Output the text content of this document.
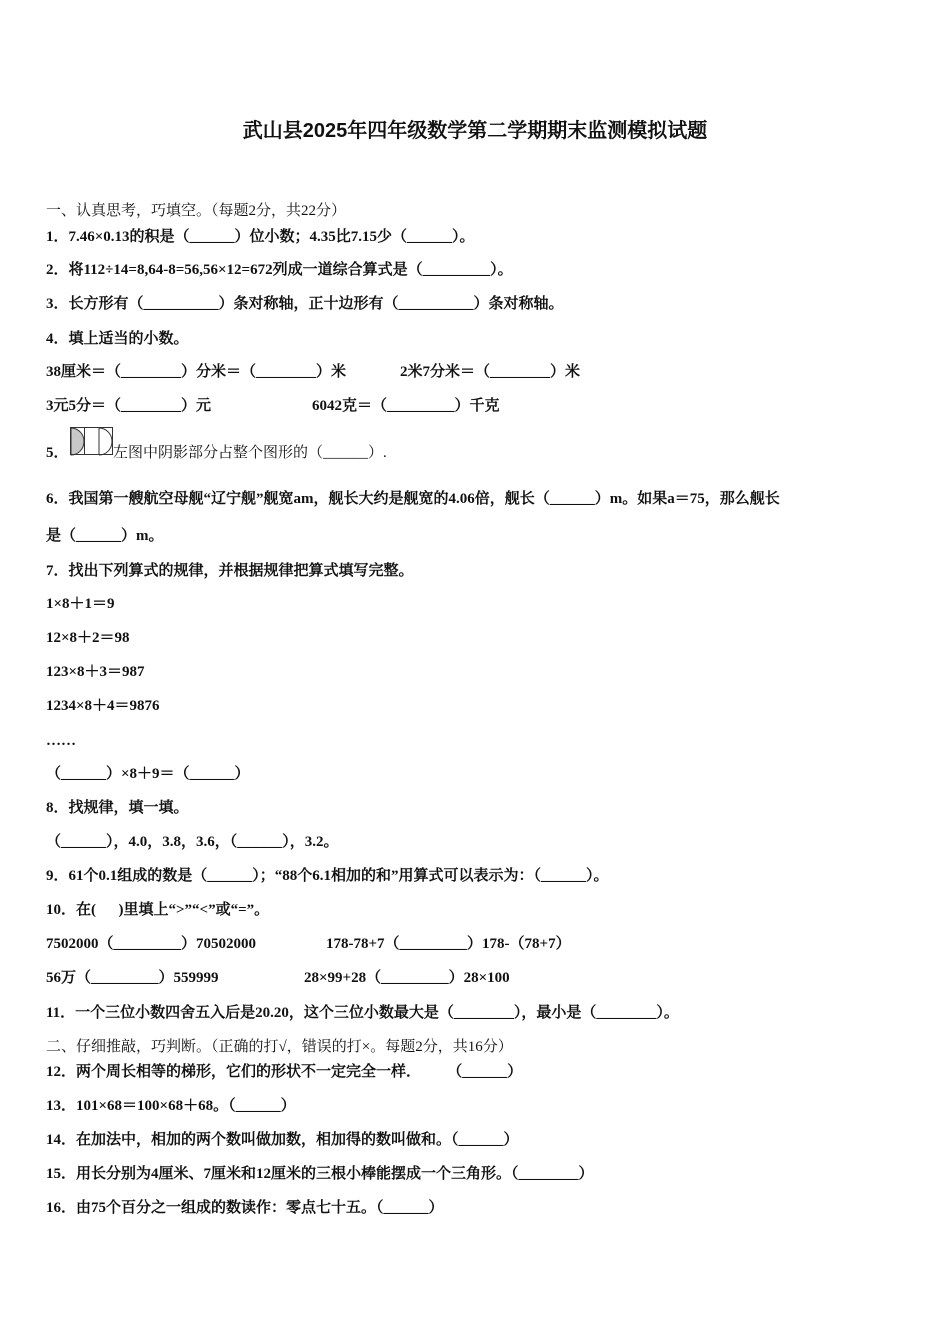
武山县2025年四年级数学第二学期期末监测模拟试题
一、认真思考，巧填空。（每题2分，共22分）
1．7.46×0.13的积是（______）位小数；4.35比7.15少（______）。
2．将112÷14=8,64-8=56,56×12=672列成一道综合算式是（_________）。
3．长方形有（__________）条对称轴，正十边形有（__________）条对称轴。
4．填上适当的小数。
38厘米＝（________）分米＝（________）米	2米7分米＝（________）米
3元5分＝（________）元	6042克＝（_________）千克
5．	左图中阴影部分占整个图形的（______）.
6．我国第一艘航空母舰“辽宁舰”舰宽am，舰长大约是舰宽的4.06倍，舰长（______）m。如果a＝75，那么舰长
是（______）m。
7．找出下列算式的规律，并根据规律把算式填写完整。
1×8＋1＝9
12×8＋2＝98
123×8＋3＝987
1234×8＋4＝9876
……
（______）×8＋9＝（______）
8．找规律，填一填。
（______），4.0，3.8，3.6，（______），3.2。
9．61个0.1组成的数是（______）；“88个6.1相加的和”用算式可以表示为：（______）。
10．在(      )里填上“>”“<”或“=”。
7502000（_________）70502000	178-78+7（_________）178-（78+7）
56万（_________）559999	28×99+28（_________）28×100
11．一个三位小数四舍五入后是20.20，这个三位小数最大是（________），最小是（________）。
二、仔细推敲，巧判断。（正确的打√，错误的打×。每题2分，共16分）
12．两个周长相等的梯形，它们的形状不一定完全一样．       （______）
13．101×68＝100×68＋68。（______）
14．在加法中，相加的两个数叫做加数，相加得的数叫做和。（______）
15．用长分别为4厘米、7厘米和12厘米的三根小棒能摆成一个三角形。（________）
16．由75个百分之一组成的数读作：零点七十五。（______）
